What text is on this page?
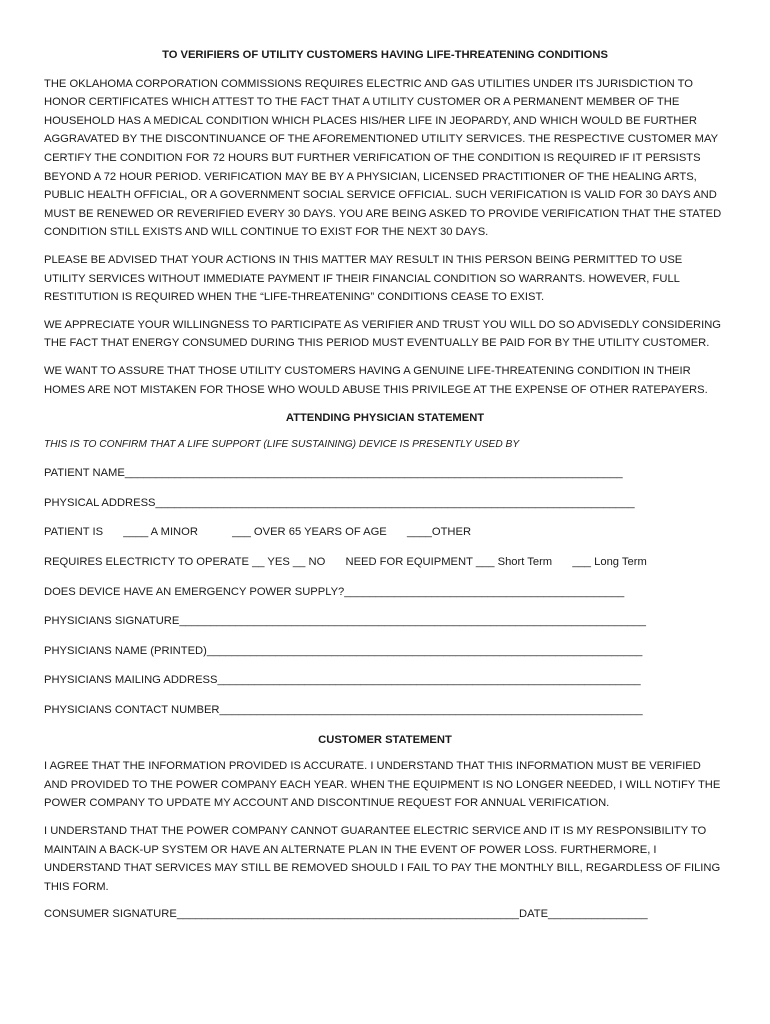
TO VERIFIERS OF UTILITY CUSTOMERS HAVING LIFE-THREATENING CONDITIONS

THE OKLAHOMA CORPORATION COMMISSIONS REQUIRES ELECTRIC AND GAS UTILITIES UNDER ITS JURISDICTION TO HONOR CERTIFICATES WHICH ATTEST TO THE FACT THAT A UTILITY CUSTOMER OR A PERMANENT MEMBER OF THE HOUSEHOLD HAS A MEDICAL CONDITION WHICH PLACES HIS/HER LIFE IN JEOPARDY, AND WHICH WOULD BE FURTHER AGGRAVATED BY THE DISCONTINUANCE OF THE AFOREMENTIONED UTILITY SERVICES. THE RESPECTIVE CUSTOMER MAY CERTIFY THE CONDITION FOR 72 HOURS BUT FURTHER VERIFICATION OF THE CONDITION IS REQUIRED IF IT PERSISTS BEYOND A 72 HOUR PERIOD. VERIFICATION MAY BE BY A PHYSICIAN, LICENSED PRACTITIONER OF THE HEALING ARTS, PUBLIC HEALTH OFFICIAL, OR A GOVERNMENT SOCIAL SERVICE OFFICIAL. SUCH VERIFICATION IS VALID FOR 30 DAYS AND MUST BE RENEWED OR REVERIFIED EVERY 30 DAYS. YOU ARE BEING ASKED TO PROVIDE VERIFICATION THAT THE STATED CONDITION STILL EXISTS AND WILL CONTINUE TO EXIST FOR THE NEXT 30 DAYS.

PLEASE BE ADVISED THAT YOUR ACTIONS IN THIS MATTER MAY RESULT IN THIS PERSON BEING PERMITTED TO USE UTILITY SERVICES WITHOUT IMMEDIATE PAYMENT IF THEIR FINANCIAL CONDITION SO WARRANTS. HOWEVER, FULL RESTITUTION IS REQUIRED WHEN THE “LIFE-THREATENING” CONDITIONS CEASE TO EXIST.

WE APPRECIATE YOUR WILLINGNESS TO PARTICIPATE AS VERIFIER AND TRUST YOU WILL DO SO ADVISEDLY CONSIDERING THE FACT THAT ENERGY CONSUMED DURING THIS PERIOD MUST EVENTUALLY BE PAID FOR BY THE UTILITY CUSTOMER.

WE WANT TO ASSURE THAT THOSE UTILITY CUSTOMERS HAVING A GENUINE LIFE-THREATENING CONDITION IN THEIR HOMES ARE NOT MISTAKEN FOR THOSE WHO WOULD ABUSE THIS PRIVILEGE AT THE EXPENSE OF OTHER RATEPAYERS.

ATTENDING PHYSICIAN STATEMENT
THIS IS TO CONFIRM THAT A LIFE SUPPORT (LIFE SUSTAINING) DEVICE IS PRESENTLY USED BY
PATIENT NAME________________________________________________________________________________
PHYSICAL ADDRESS_____________________________________________________________________________
PATIENT IS ____ A MINOR	___ OVER 65 YEARS OF AGE ____OTHER
REQUIRES ELECTRICTY TO OPERATE __ YES __ NO NEED FOR EQUIPMENT ___ Short Term ___ Long Term
DOES DEVICE HAVE AN EMERGENCY POWER SUPPLY?_____________________________________________
PHYSICIANS SIGNATURE___________________________________________________________________________
PHYSICIANS NAME (PRINTED)______________________________________________________________________
PHYSICIANS MAILING ADDRESS____________________________________________________________________
PHYSICIANS CONTACT NUMBER____________________________________________________________________
CUSTOMER STATEMENT

I AGREE THAT THE INFORMATION PROVIDED IS ACCURATE. I UNDERSTAND THAT THIS INFORMATION MUST BE VERIFIED AND PROVIDED TO THE POWER COMPANY EACH YEAR. WHEN THE EQUIPMENT IS NO LONGER NEEDED, I WILL NOTIFY THE POWER COMPANY TO UPDATE MY ACCOUNT AND DISCONTINUE REQUEST FOR ANNUAL VERIFICATION.

I UNDERSTAND THAT THE POWER COMPANY CANNOT GUARANTEE ELECTRIC SERVICE AND IT IS MY RESPONSIBILITY TO MAINTAIN A BACK-UP SYSTEM OR HAVE AN ALTERNATE PLAN IN THE EVENT OF POWER LOSS. FURTHERMORE, I UNDERSTAND THAT SERVICES MAY STILL BE REMOVED SHOULD I FAIL TO PAY THE MONTHLY BILL, REGARDLESS OF FILING THIS FORM.

CONSUMER SIGNATURE_______________________________________________________DATE________________
